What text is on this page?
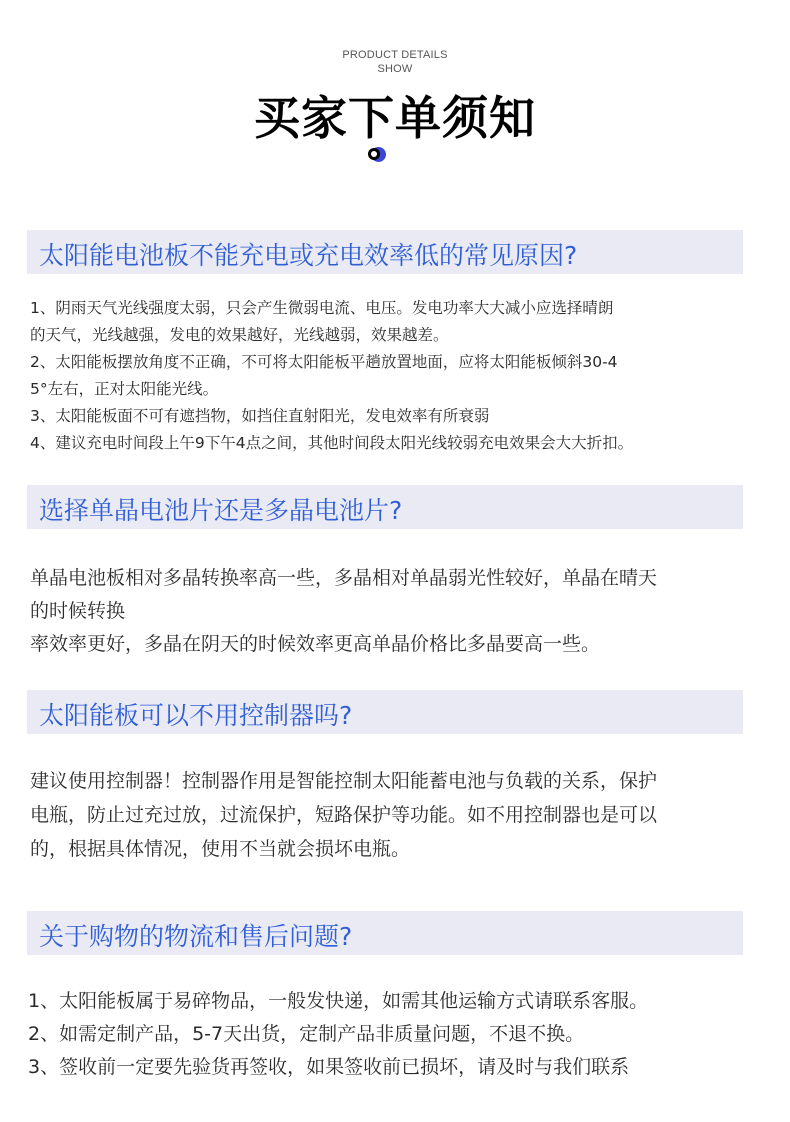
PRODUCT DETAILS
SHOW
买家下单须知
太阳能电池板不能充电或充电效率低的常见原因?
1、阴雨天气光线强度太弱，只会产生微弱电流、电压。发电功率大大减小应选择晴朗
的天气，光线越强，发电的效果越好，光线越弱，效果越差。
2、太阳能板摆放角度不正确，不可将太阳能板平趟放置地面，应将太阳能板倾斜30-4
5°左右，正对太阳能光线。
3、太阳能板面不可有遮挡物，如挡住直射阳光，发电效率有所衰弱
4、建议充电时间段上午9下午4点之间，其他时间段太阳光线较弱充电效果会大大折扣。
选择单晶电池片还是多晶电池片?
单晶电池板相对多晶转换率高一些，多晶相对单晶弱光性较好，单晶在晴天
的时候转换
率效率更好，多晶在阴天的时候效率更高单晶价格比多晶要高一些。
太阳能板可以不用控制器吗?
建议使用控制器！控制器作用是智能控制太阳能蓄电池与负载的关系，保护
电瓶，防止过充过放，过流保护，短路保护等功能。如不用控制器也是可以
的，根据具体情况，使用不当就会损坏电瓶。
关于购物的物流和售后问题?
1、太阳能板属于易碎物品，一般发快递，如需其他运输方式请联系客服。
2、如需定制产品，5-7天出货，定制产品非质量问题，不退不换。
3、签收前一定要先验货再签收，如果签收前已损坏，请及时与我们联系
